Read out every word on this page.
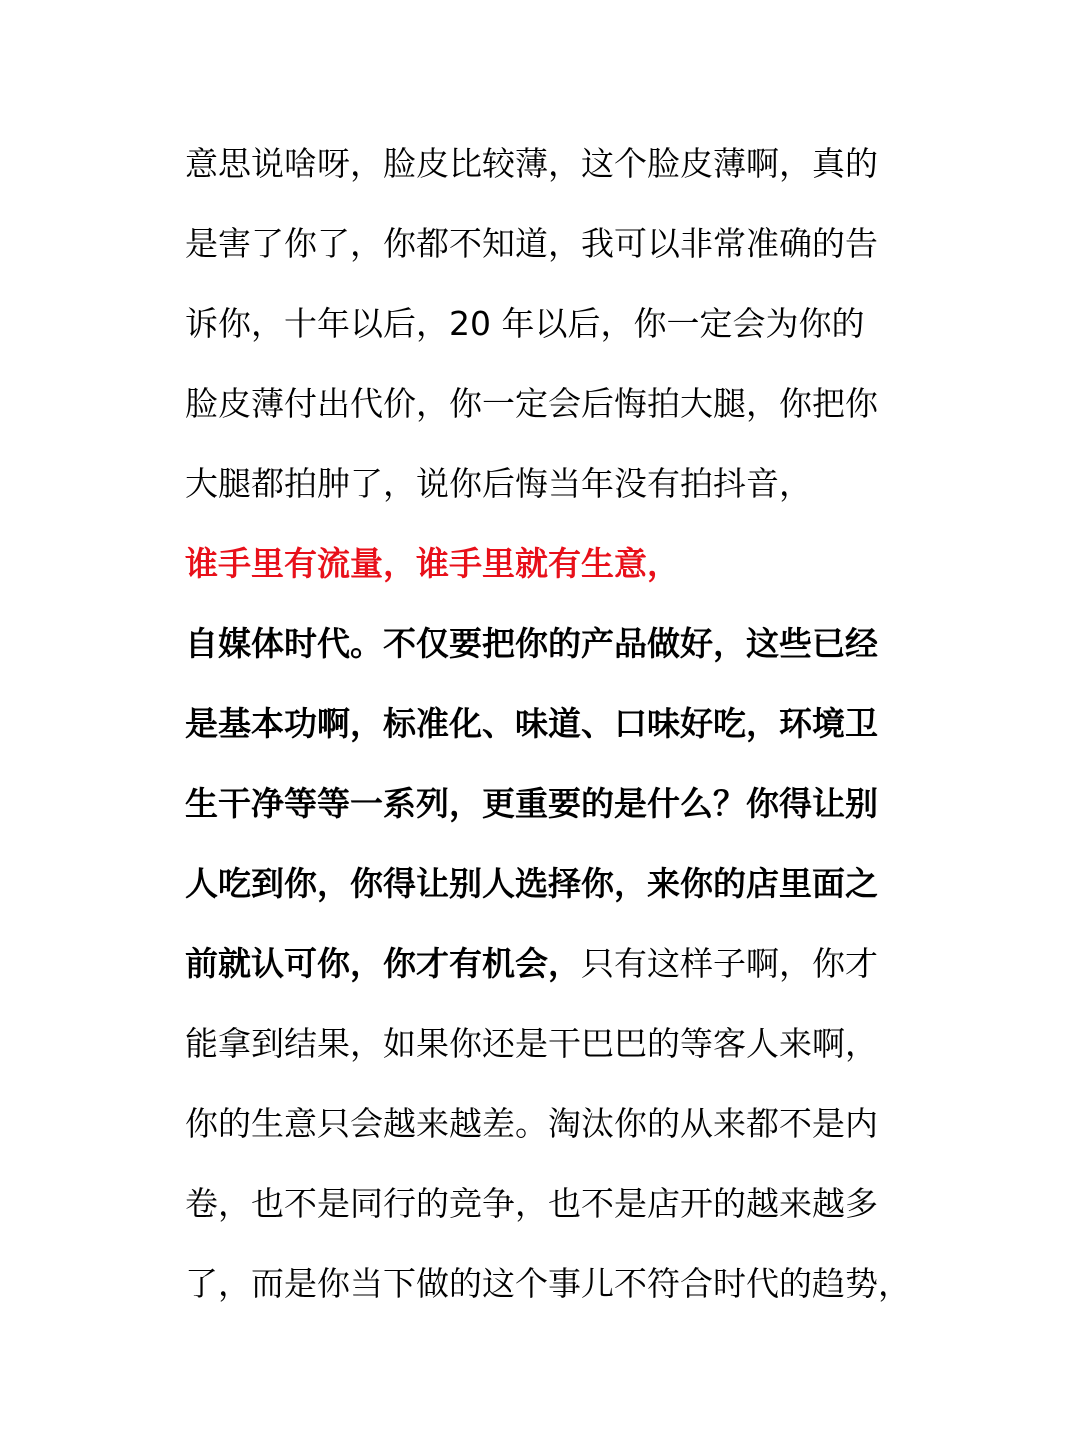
意思说啥呀，脸皮比较薄，这个脸皮薄啊，真的
是害了你了，你都不知道，我可以非常准确的告
诉你，十年以后，20 年以后，你一定会为你的
脸皮薄付出代价，你一定会后悔拍大腿，你把你
大腿都拍肿了，说你后悔当年没有拍抖音，
谁手里有流量，谁手里就有生意，
自媒体时代。不仅要把你的产品做好，这些已经
是基本功啊，标准化、味道、口味好吃，环境卫
生干净等等一系列，更重要的是什么？你得让别
人吃到你，你得让别人选择你，来你的店里面之
前就认可你，你才有机会，只有这样子啊，你才
能拿到结果，如果你还是干巴巴的等客人来啊，
你的生意只会越来越差。淘汰你的从来都不是内
卷，也不是同行的竞争，也不是店开的越来越多
了，而是你当下做的这个事儿不符合时代的趋势，
